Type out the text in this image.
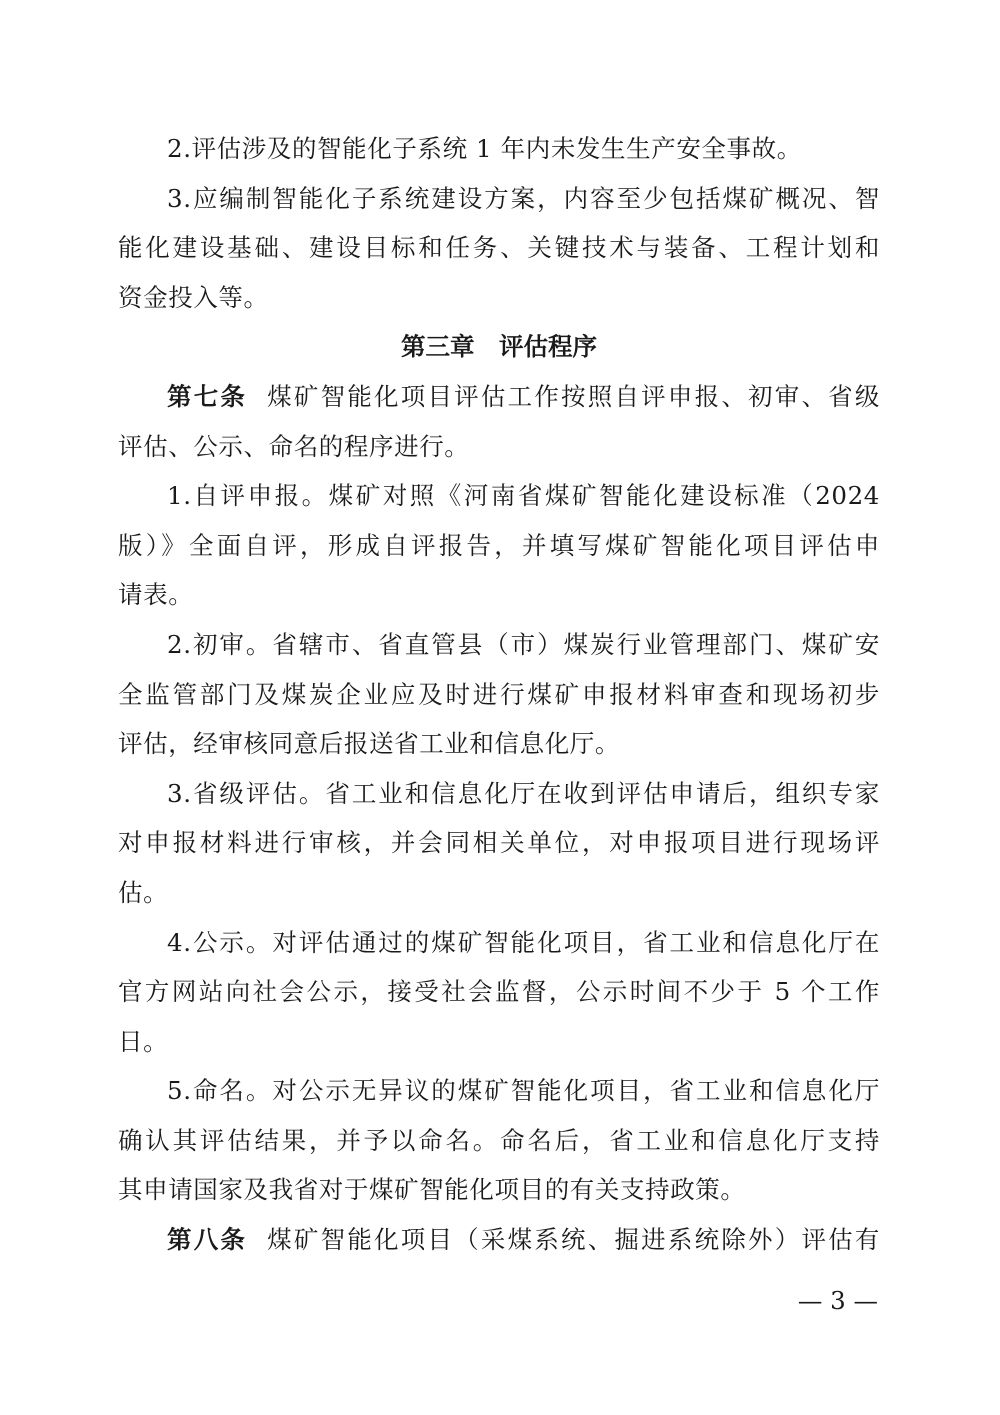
2.评估涉及的智能化子系统 1 年内未发生生产安全事故。
3.应编制智能化子系统建设方案，内容至少包括煤矿概况、智
能化建设基础、建设目标和任务、关键技术与装备、工程计划和
资金投入等。
第三章　评估程序
第七条 煤矿智能化项目评估工作按照自评申报、初审、省级
评估、公示、命名的程序进行。
1.自评申报。煤矿对照《河南省煤矿智能化建设标准（2024
版）》全面自评，形成自评报告，并填写煤矿智能化项目评估申
请表。
2.初审。省辖市、省直管县（市）煤炭行业管理部门、煤矿安
全监管部门及煤炭企业应及时进行煤矿申报材料审查和现场初步
评估，经审核同意后报送省工业和信息化厅。
3.省级评估。省工业和信息化厅在收到评估申请后，组织专家
对申报材料进行审核，并会同相关单位，对申报项目进行现场评
估。
4.公示。对评估通过的煤矿智能化项目，省工业和信息化厅在
官方网站向社会公示，接受社会监督，公示时间不少于 5 个工作
日。
5.命名。对公示无异议的煤矿智能化项目，省工业和信息化厅
确认其评估结果，并予以命名。命名后，省工业和信息化厅支持
其申请国家及我省对于煤矿智能化项目的有关支持政策。
第八条 煤矿智能化项目（采煤系统、掘进系统除外）评估有
— 3 —
